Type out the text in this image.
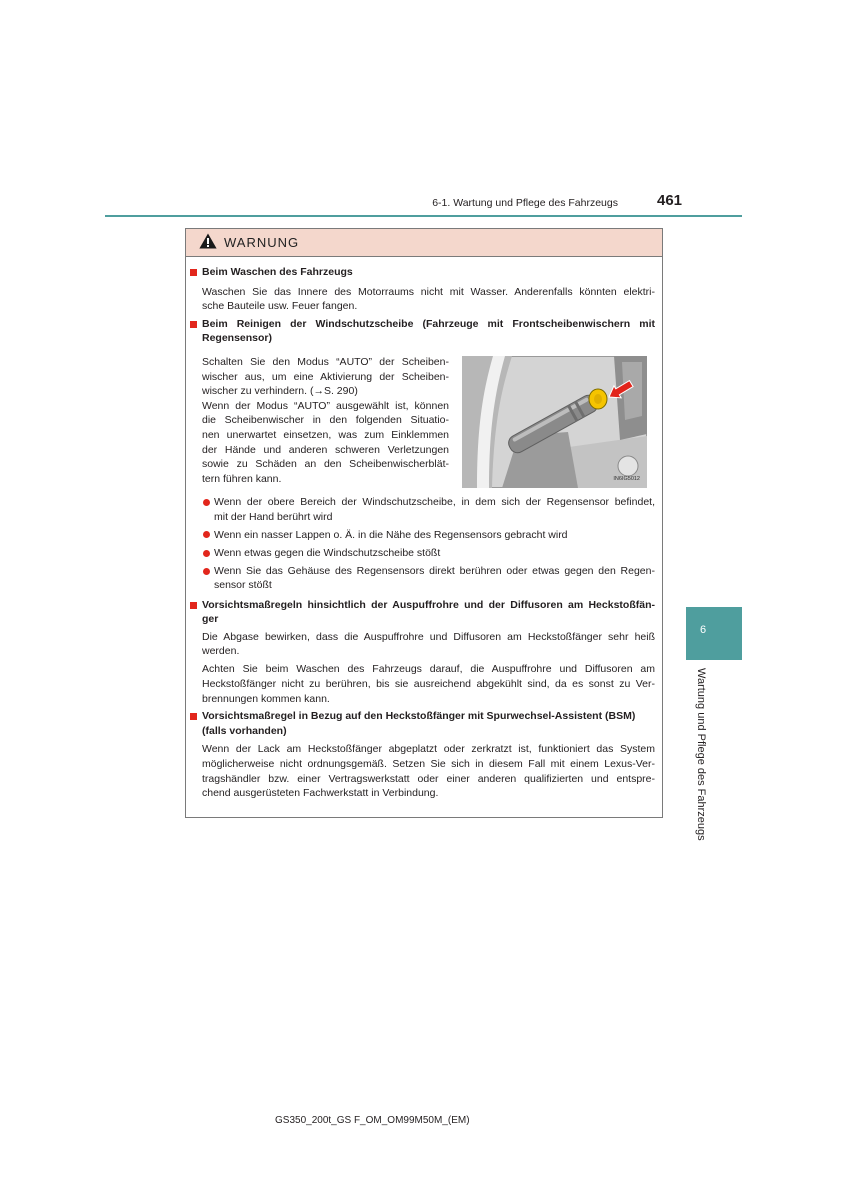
6-1. Wartung und Pflege des Fahrzeugs	461
WARNUNG
Beim Waschen des Fahrzeugs
Waschen Sie das Innere des Motorraums nicht mit Wasser. Anderenfalls könnten elektri-
sche Bauteile usw. Feuer fangen.
Beim Reinigen der Windschutzscheibe (Fahrzeuge mit Frontscheibenwischern mit
Regensensor)
Schalten Sie den Modus “AUTO” der Scheiben-
wischer aus, um eine Aktivierung der Scheiben-
wischer zu verhindern. (→S. 290)
Wenn der Modus “AUTO” ausgewählt ist, können
die Scheibenwischer in den folgenden Situatio-
nen unerwartet einsetzen, was zum Einklemmen
der Hände und anderen schweren Verletzungen
sowie zu Schäden an den Scheibenwischerblät-
tern führen kann.	IN6IG5012
Wenn der obere Bereich der Windschutzscheibe, in dem sich der Regensensor befindet,
mit der Hand berührt wird
Wenn ein nasser Lappen o. Ä. in die Nähe des Regensensors gebracht wird
Wenn etwas gegen die Windschutzscheibe stößt
Wenn Sie das Gehäuse des Regensensors direkt berühren oder etwas gegen den Regen-
sensor stößt
Vorsichtsmaßregeln hinsichtlich der Auspuffrohre und der Diffusoren am Heckstoßfän-
ger
Die Abgase bewirken, dass die Auspuffrohre und Diffusoren am Heckstoßfänger sehr heiß
werden.
Achten Sie beim Waschen des Fahrzeugs darauf, die Auspuffrohre und Diffusoren am
Heckstoßfänger nicht zu berühren, bis sie ausreichend abgekühlt sind, da es sonst zu Ver-
brennungen kommen kann.
Vorsichtsmaßregel in Bezug auf den Heckstoßfänger mit Spurwechsel-Assistent (BSM)
(falls vorhanden)
Wenn der Lack am Heckstoßfänger abgeplatzt oder zerkratzt ist, funktioniert das System
möglicherweise nicht ordnungsgemäß. Setzen Sie sich in diesem Fall mit einem Lexus-Ver-
tragshändler bzw. einer Vertragswerkstatt oder einer anderen qualifizierten und entspre-
chend ausgerüsteten Fachwerkstatt in Verbindung.
6
Wartung und Pflege des Fahrzeugs
GS350_200t_GS F_OM_OM99M50M_(EM)
